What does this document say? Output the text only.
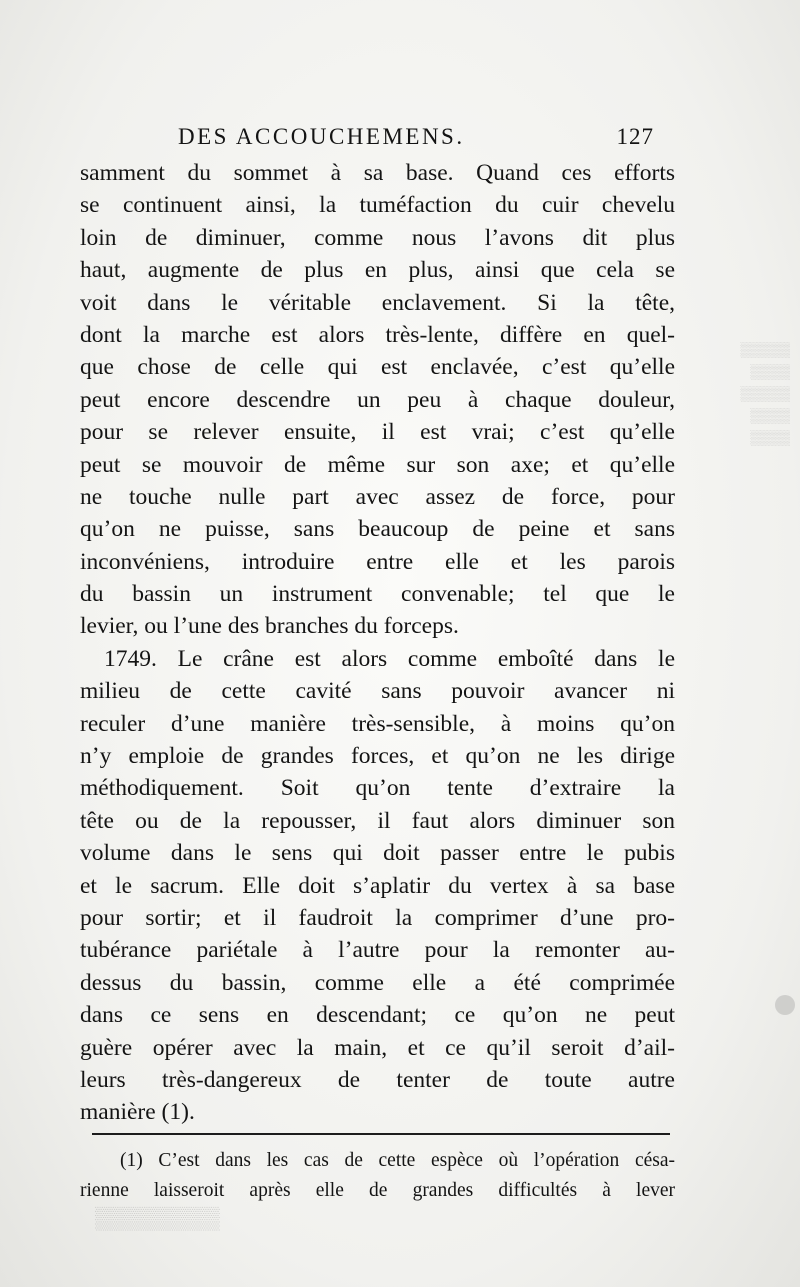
DES ACCOUCHEMENS.	127
samment du sommet à sa base. Quand ces efforts
se continuent ainsi, la tuméfaction du cuir chevelu
loin de diminuer, comme nous l’avons dit plus
haut, augmente de plus en plus, ainsi que cela se
voit dans le véritable enclavement. Si la tête,
dont la marche est alors très-lente, diffère en quel-
que chose de celle qui est enclavée, c’est qu’elle
peut encore descendre un peu à chaque douleur,
pour se relever ensuite, il est vrai; c’est qu’elle
peut se mouvoir de même sur son axe; et qu’elle
ne touche nulle part avec assez de force, pour
qu’on ne puisse, sans beaucoup de peine et sans
inconvéniens, introduire entre elle et les parois
du bassin un instrument convenable; tel que le
levier, ou l’une des branches du forceps.
1749. Le crâne est alors comme emboîté dans le
milieu de cette cavité sans pouvoir avancer ni
reculer d’une manière très-sensible, à moins qu’on
n’y emploie de grandes forces, et qu’on ne les dirige
méthodiquement. Soit qu’on tente d’extraire la
tête ou de la repousser, il faut alors diminuer son
volume dans le sens qui doit passer entre le pubis
et le sacrum. Elle doit s’aplatir du vertex à sa base
pour sortir; et il faudroit la comprimer d’une pro-
tubérance pariétale à l’autre pour la remonter au-
dessus du bassin, comme elle a été comprimée
dans ce sens en descendant; ce qu’on ne peut
guère opérer avec la main, et ce qu’il seroit d’ail-
leurs très-dangereux de tenter de toute autre
manière (1).
(1) C’est dans les cas de cette espèce où l’opération césa-
rienne laisseroit après elle de grandes difficultés à lever
▒▒▒▒▒
▒▒▒▒
▒▒▒▒▒
▒▒▒▒
▒▒▒▒
▒▒▒▒▒▒▒▒
